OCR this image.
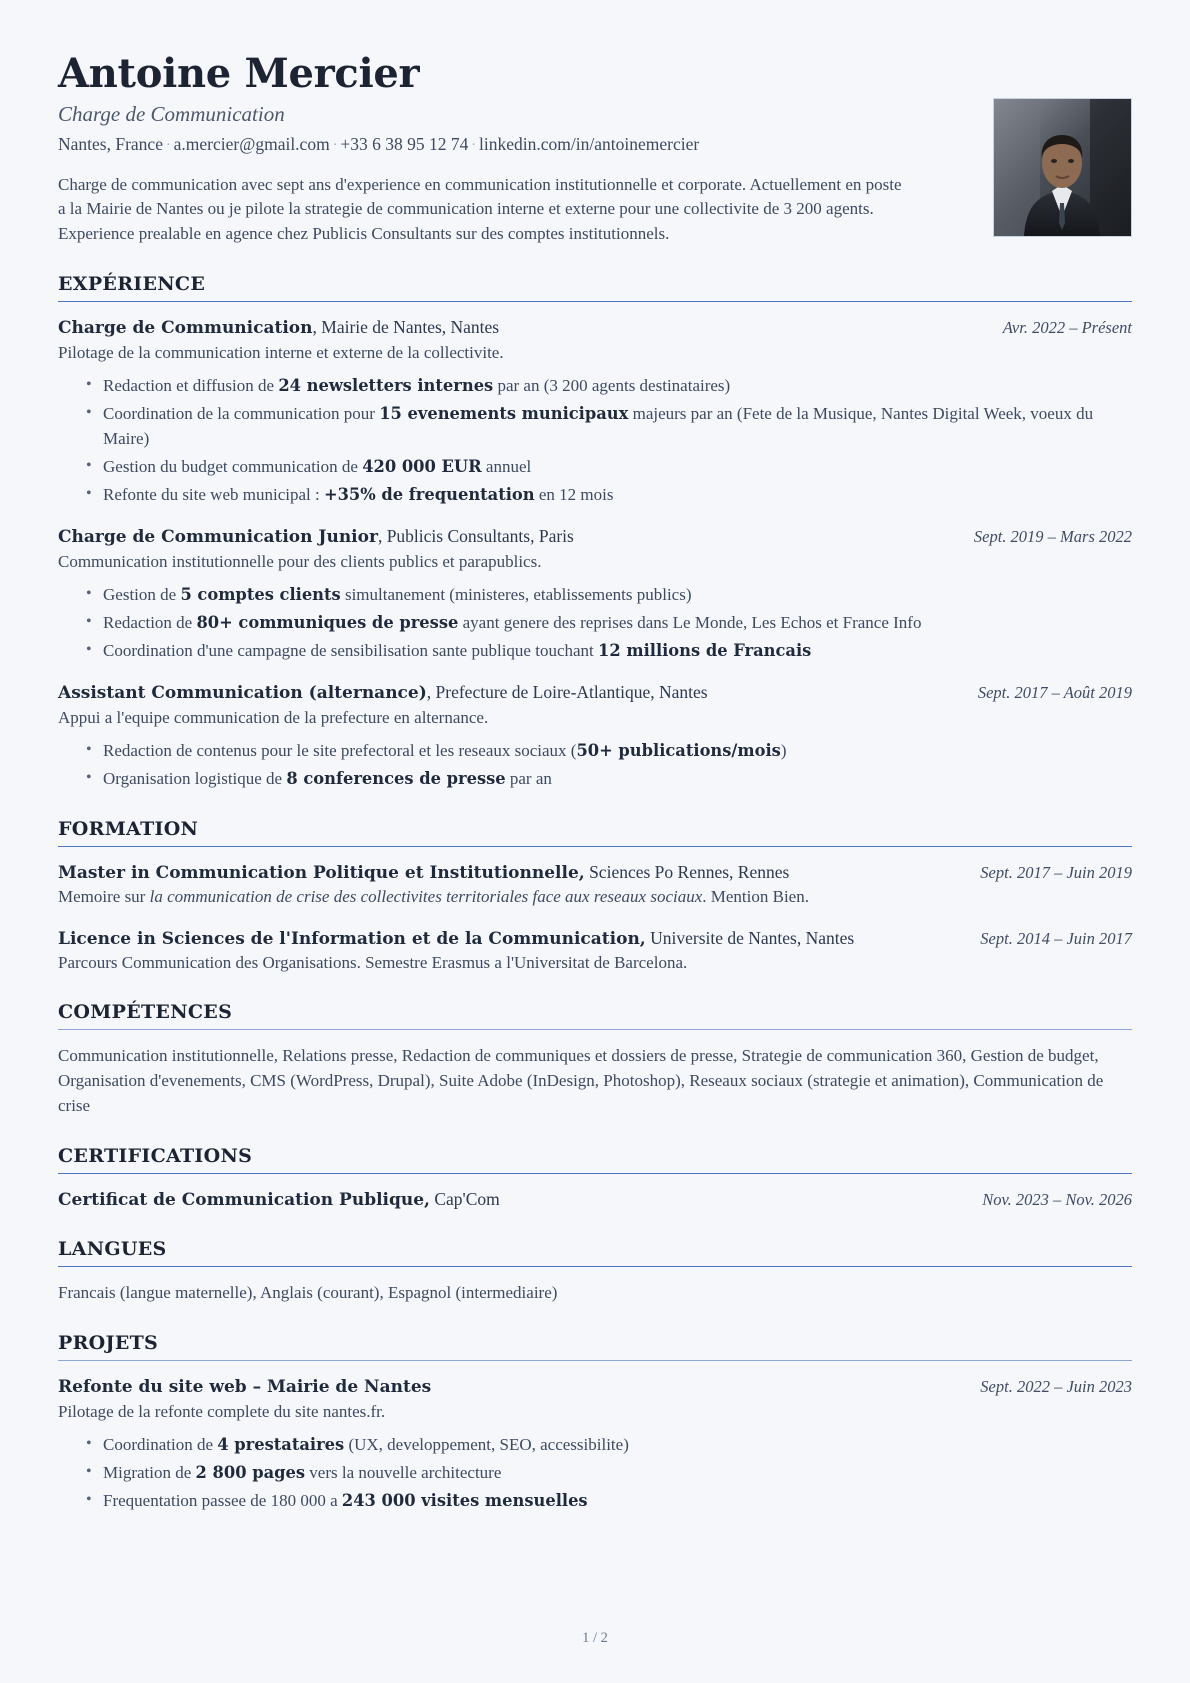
Antoine Mercier
Charge de Communication
Nantes, France · a.mercier@gmail.com · +33 6 38 95 12 74 · linkedin.com/in/antoinemercier

Charge de communication avec sept ans d'experience en communication institutionnelle et corporate. Actuellement en poste a la Mairie de Nantes ou je pilote la strategie de communication interne et externe pour une collectivite de 3 200 agents. Experience prealable en agence chez Publicis Consultants sur des comptes institutionnels.

EXPÉRIENCE
Charge de Communication, Mairie de Nantes, Nantes	Avr. 2022 – Présent

Pilotage de la communication interne et externe de la collectivite.

• Redaction et diffusion de 24 newsletters internes par an (3 200 agents destinataires)
• Coordination de la communication pour 15 evenements municipaux majeurs par an (Fete de la Musique, Nantes Digital Week, voeux du Maire)
• Gestion du budget communication de 420 000 EUR annuel
• Refonte du site web municipal : +35% de frequentation en 12 mois
Charge de Communication Junior, Publicis Consultants, Paris	Sept. 2019 – Mars 2022

Communication institutionnelle pour des clients publics et parapublics.

• Gestion de 5 comptes clients simultanement (ministeres, etablissements publics)
• Redaction de 80+ communiques de presse ayant genere des reprises dans Le Monde, Les Echos et France Info
• Coordination d'une campagne de sensibilisation sante publique touchant 12 millions de Francais
Assistant Communication (alternance), Prefecture de Loire-Atlantique, Nantes	Sept. 2017 – Août 2019

Appui a l'equipe communication de la prefecture en alternance.

• Redaction de contenus pour le site prefectoral et les reseaux sociaux (50+ publications/mois)
• Organisation logistique de 8 conferences de presse par an
FORMATION
Master in Communication Politique et Institutionnelle, Sciences Po Rennes, Rennes	Sept. 2017 – Juin 2019

Memoire sur la communication de crise des collectivites territoriales face aux reseaux sociaux. Mention Bien.

Licence in Sciences de l'Information et de la Communication, Universite de Nantes, Nantes	Sept. 2014 – Juin 2017

Parcours Communication des Organisations. Semestre Erasmus a l'Universitat de Barcelona.

COMPÉTENCES

Communication institutionnelle, Relations presse, Redaction de communiques et dossiers de presse, Strategie de communication 360, Gestion de budget, Organisation d'evenements, CMS (WordPress, Drupal), Suite Adobe (InDesign, Photoshop), Reseaux sociaux (strategie et animation), Communication de crise

CERTIFICATIONS
Certificat de Communication Publique, Cap'Com	Nov. 2023 – Nov. 2026
LANGUES

Francais (langue maternelle), Anglais (courant), Espagnol (intermediaire)

PROJETS
Refonte du site web – Mairie de Nantes	Sept. 2022 – Juin 2023

Pilotage de la refonte complete du site nantes.fr.

• Coordination de 4 prestataires (UX, developpement, SEO, accessibilite)
• Migration de 2 800 pages vers la nouvelle architecture
• Frequentation passee de 180 000 a 243 000 visites mensuelles
1 / 2
